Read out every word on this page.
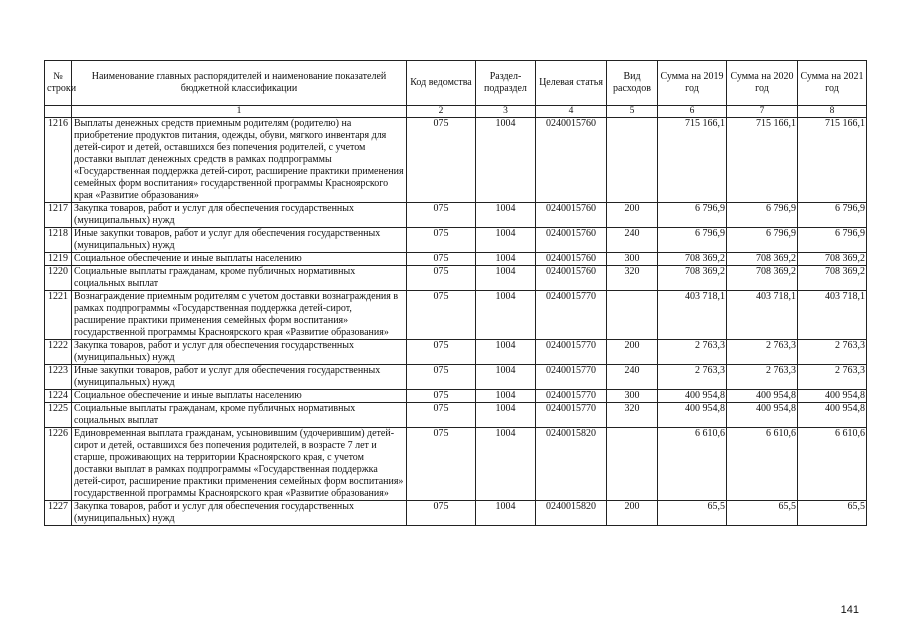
№ строки	Наименование главных распорядителей и наименование показателей бюджетной классификации	Код ведомства	Раздел- подраздел	Целевая статья	Вид расходов	Сумма на 2019 год	Сумма на 2020 год	Сумма на 2021 год
	1	2	3	4	5	6	7	8
1216	Выплаты денежных средств приемным родителям (родителю) на приобретение продуктов питания, одежды, обуви, мягкого инвентаря для детей-сирот и детей, оставшихся без попечения родителей, с учетом доставки выплат денежных средств в рамках подпрограммы «Государственная поддержка детей-сирот, расширение практики применения семейных форм воспитания» государственной программы Красноярского края «Развитие образования»	075	1004	0240015760		715 166,1	715 166,1	715 166,1
1217	Закупка товаров, работ и услуг для обеспечения государственных (муниципальных) нужд	075	1004	0240015760	200	6 796,9	6 796,9	6 796,9
1218	Иные закупки товаров, работ и услуг для обеспечения государственных (муниципальных) нужд	075	1004	0240015760	240	6 796,9	6 796,9	6 796,9
1219	Социальное обеспечение и иные выплаты населению	075	1004	0240015760	300	708 369,2	708 369,2	708 369,2
1220	Социальные выплаты гражданам, кроме публичных нормативных социальных выплат	075	1004	0240015760	320	708 369,2	708 369,2	708 369,2
1221	Вознаграждение приемным родителям с учетом доставки вознаграждения в рамках подпрограммы «Государственная поддержка детей-сирот, расширение практики применения семейных форм воспитания» государственной программы Красноярского края «Развитие образования»	075	1004	0240015770		403 718,1	403 718,1	403 718,1
1222	Закупка товаров, работ и услуг для обеспечения государственных (муниципальных) нужд	075	1004	0240015770	200	2 763,3	2 763,3	2 763,3
1223	Иные закупки товаров, работ и услуг для обеспечения государственных (муниципальных) нужд	075	1004	0240015770	240	2 763,3	2 763,3	2 763,3
1224	Социальное обеспечение и иные выплаты населению	075	1004	0240015770	300	400 954,8	400 954,8	400 954,8
1225	Социальные выплаты гражданам, кроме публичных нормативных социальных выплат	075	1004	0240015770	320	400 954,8	400 954,8	400 954,8
1226	Единовременная выплата гражданам, усыновившим (удочерившим) детей-сирот и детей, оставшихся без попечения родителей, в возрасте 7 лет и старше, проживающих на территории Красноярского края, с учетом доставки выплат в рамках подпрограммы «Государственная поддержка детей-сирот, расширение практики применения семейных форм воспитания» государственной программы Красноярского края «Развитие образования»	075	1004	0240015820		6 610,6	6 610,6	6 610,6
1227	Закупка товаров, работ и услуг для обеспечения государственных (муниципальных) нужд	075	1004	0240015820	200	65,5	65,5	65,5
141
